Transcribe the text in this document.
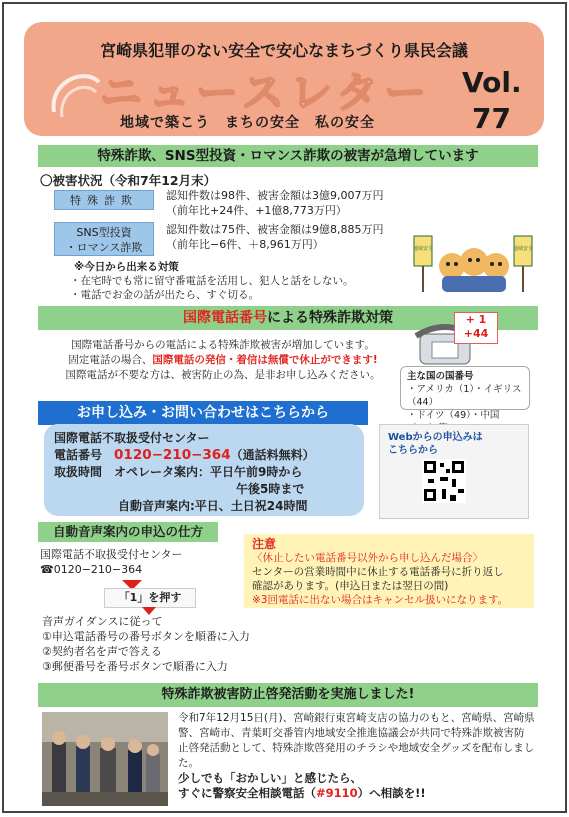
宮崎県犯罪のない安全で安心なまちづくり県民会議
ニュースレター Vol.
77
地域で築こう　まちの安全　私の安全
特殊詐欺、SNS型投資・ロマンス詐欺の被害が急増しています
〇被害状況（令和7年12月末）
特殊詐欺	認知件数は98件、被害金額は3億9,007万円
（前年比+24件、+1億8,773万円）
SNS型投資
・ロマンス詐欺
認知件数は75件、被害金額は9億8,885万円
（前年比−6件、＋8,961万円）	地域安全	地域安全
※今日から出来る対策
・在宅時でも常に留守番電話を活用し、犯人と話をしない。
・電話でお金の話が出たら、すぐ切る。
国際電話番号による特殊詐欺対策	+ 1
+44
国際電話番号からの電話による特殊詐欺被害が増加しています。
固定電話の場合、国際電話の発信・着信は無償で休止ができます!
国際電話が不要な方は、被害防止の為、是非お申し込みください。	主な国の国番号
・アメリカ（1）・イギリス（44）
・ドイツ（49）・中国
お申し込み・お問い合わせはこちらから
国際電話不取扱受付センター
電話番号　 0120−210−364（通話料無料）
取扱時間　 オペレータ案内：平日午前9時から
午後5時まで
自動音声案内:平日、土日祝24時間
Webからの申込みは
こちらから
自動音声案内の申込の仕方
国際電話不取扱受付センター
☎0120−210−364
「1」を押す
音声ガイダンスに従って
①申込電話番号の番号ボタンを順番に入力
②契約者名を声で答える
③郵便番号を番号ボタンで順番に入力
注意
〈休止したい電話番号以外から申し込んだ場合〉
センターの営業時間中に休止する電話番号に折り返し
確認があります。(申込日または翌日の間)
※3回電話に出ない場合はキャンセル扱いになります。
特殊詐欺被害防止啓発活動を実施しました!
令和7年12月15日(月)、宮崎銀行東宮崎支店の協力のもと、宮崎県、宮崎県
警、宮崎市、青葉町交番管内地域安全推進協議会が共同で特殊詐欺被害防
止啓発活動として、特殊詐欺啓発用のチラシや地域安全グッズを配布しました。
少しでも「おかしい」と感じたら、
すぐに警察安全相談電話（#9110）へ相談を!!
